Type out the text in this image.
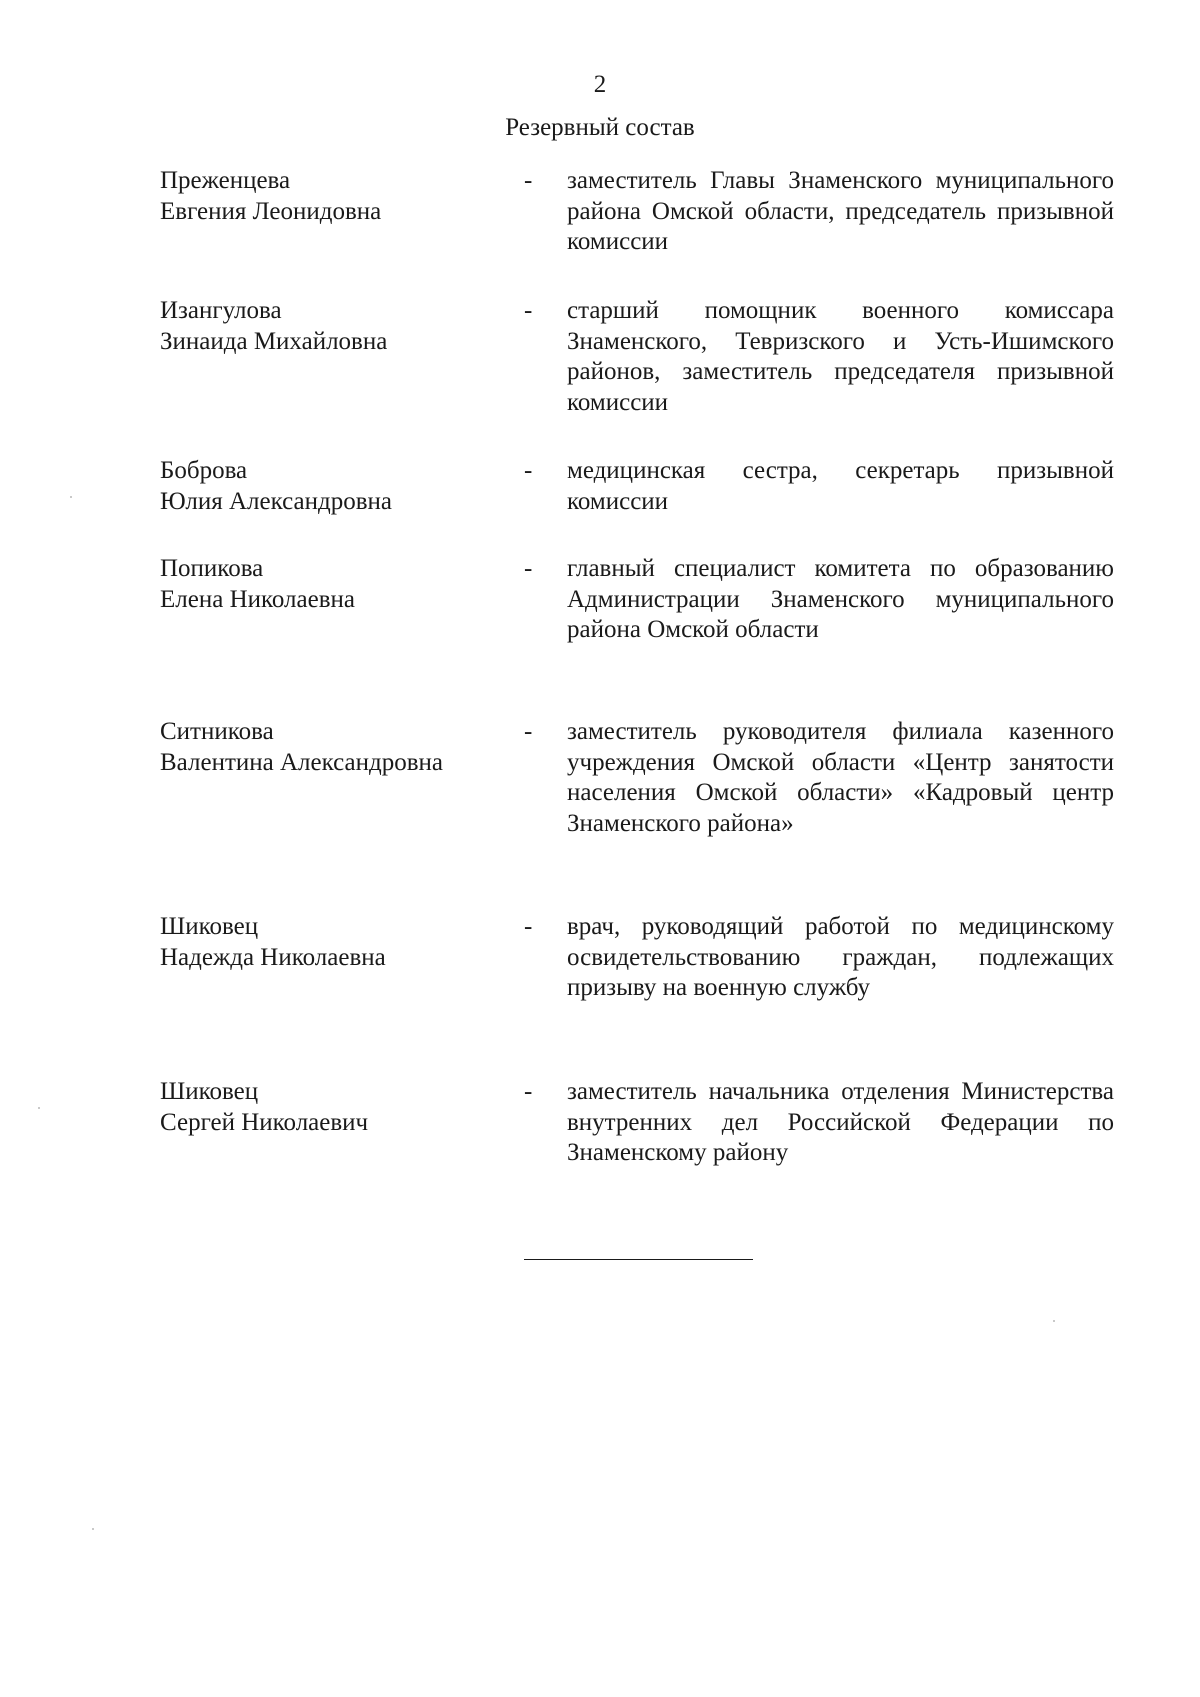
2
Резервный состав
Преженцева
Евгения Леонидовна
- заместитель Главы Знаменского муниципального района Омской области, председатель призывной комиссии
Изангулова
Зинаида Михайловна
- старший помощник военного комиссара Знаменского, Тевризского и Усть-Ишимского районов, заместитель председателя призывной комиссии
Боброва
Юлия Александровна
- медицинская сестра, секретарь призывной комиссии
Попикова
Елена Николаевна
- главный специалист комитета по образованию Администрации Знаменского муниципального района Омской области
Ситникова
Валентина Александровна
- заместитель руководителя филиала казенного учреждения Омской области «Центр занятости населения Омской области» «Кадровый центр Знаменского района»
Шиковец
Надежда Николаевна
- врач, руководящий работой по медицинскому освидетельствованию граждан, подлежащих призыву на военную службу
Шиковец
Сергей Николаевич
- заместитель начальника отделения Министерства внутренних дел Российской Федерации по Знаменскому району
